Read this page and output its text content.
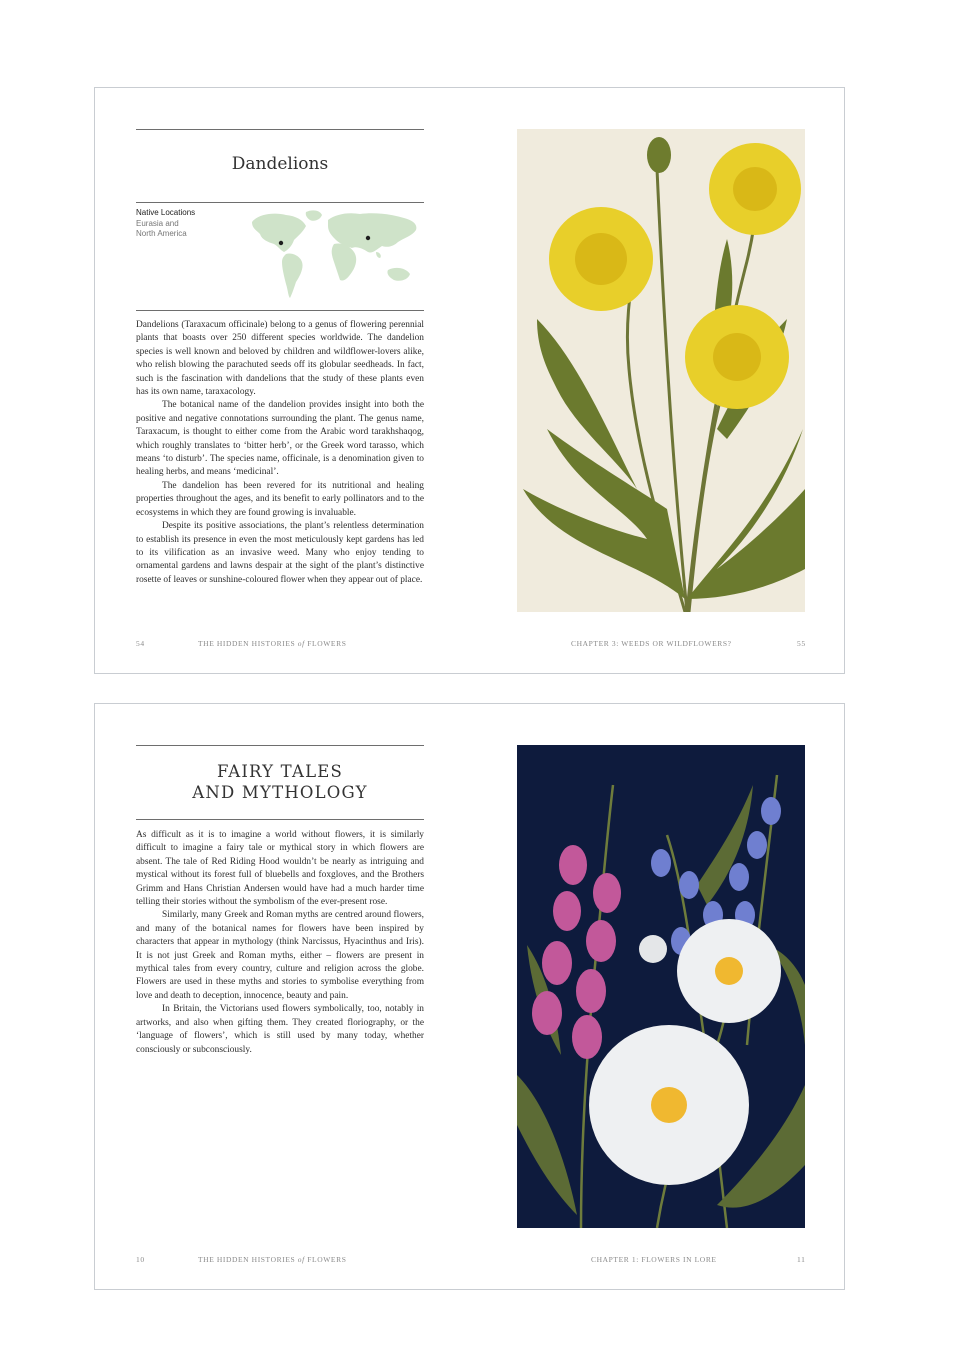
Dandelions
Native Locations
Eurasia and
North America

Dandelions (Taraxacum officinale) belong to a genus of flowering perennial plants that boasts over 250 different species worldwide. The dandelion species is well known and beloved by children and wildflower-lovers alike, who relish blowing the parachuted seeds off its globular seedheads. In fact, such is the fascination with dandelions that the study of these plants even has its own name, taraxacology.

The botanical name of the dandelion provides insight into both the positive and negative connotations surrounding the plant. The genus name, Taraxacum, is thought to either come from the Arabic word tarakhshaqog, which roughly translates to ‘bitter herb’, or the Greek word tarasso, which means ‘to disturb’. The species name, officinale, is a denomination given to healing herbs, and means ‘medicinal’.

The dandelion has been revered for its nutritional and healing properties throughout the ages, and its benefit to early pollinators and to the ecosystems in which they are found growing is invaluable.

Despite its positive associations, the plant’s relentless determination to establish its presence in even the most meticulously kept gardens has led to its vilification as an invasive weed. Many who enjoy tending to ornamental gardens and lawns despair at the sight of the plant’s distinctive rosette of leaves or sunshine-coloured flower when they appear out of place.

54	THE HIDDEN HISTORIES of FLOWERS	CHAPTER 3: WEEDS OR WILDFLOWERS?	55
FAIRY TALES
AND MYTHOLOGY

As difficult as it is to imagine a world without flowers, it is similarly difficult to imagine a fairy tale or mythical story in which flowers are absent. The tale of Red Riding Hood wouldn’t be nearly as intriguing and mystical without its forest full of bluebells and foxgloves, and the Brothers Grimm and Hans Christian Andersen would have had a much harder time telling their stories without the symbolism of the ever-present rose.

Similarly, many Greek and Roman myths are centred around flowers, and many of the botanical names for flowers have been inspired by characters that appear in mythology (think Narcissus, Hyacinthus and Iris). It is not just Greek and Roman myths, either – flowers are present in mythical tales from every country, culture and religion across the globe. Flowers are used in these myths and stories to symbolise everything from love and death to deception, innocence, beauty and pain.

In Britain, the Victorians used flowers symbolically, too, notably in artworks, and also when gifting them. They created floriography, or the ‘language of flowers’, which is still used by many today, whether consciously or subconsciously.

10	THE HIDDEN HISTORIES of FLOWERS	CHAPTER 1: FLOWERS IN LORE	11
